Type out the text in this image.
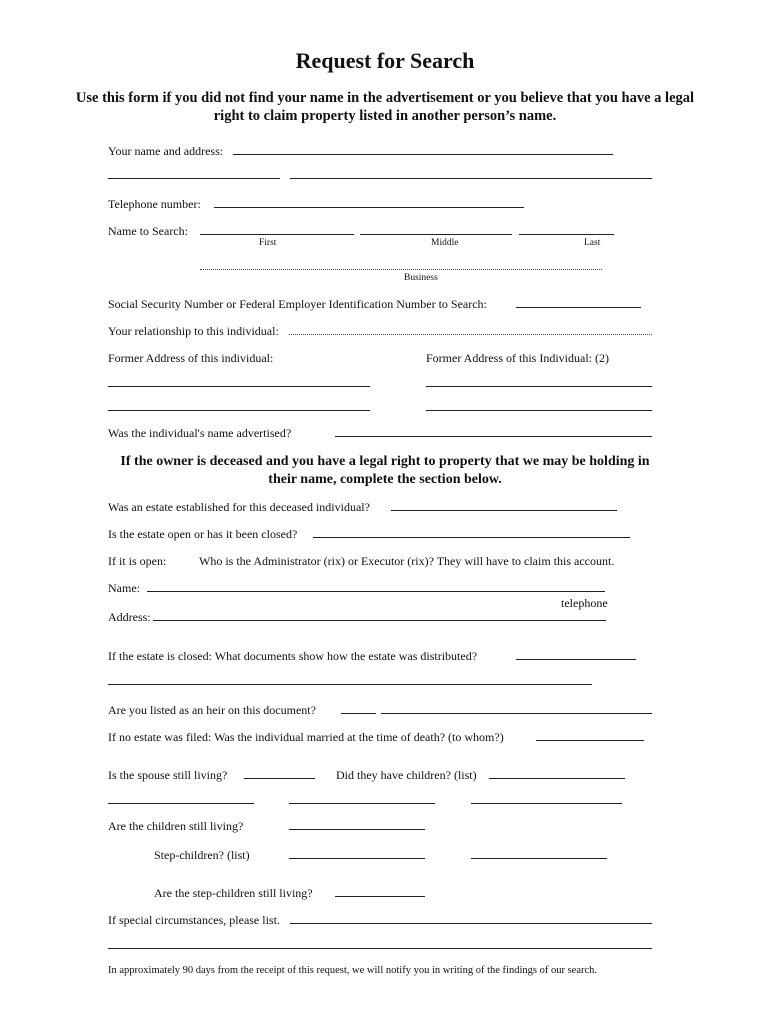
Request for Search
Use this form if you did not find your name in the advertisement or you believe that you have a legal right to claim property listed in another person’s name.
Your name and address:
Telephone number:
Name to Search:
First	Middle	Last
Business
Social Security Number or Federal Employer Identification Number to Search:
Your relationship to this individual:
Former Address of this individual:	Former Address of this Individual: (2)
Was the individual's name advertised?
If the owner is deceased and you have a legal right to property that we may be holding in their name, complete the section below.
Was an estate established for this deceased individual?
Is the estate open or has it been closed?
If it is open:	Who is the Administrator (rix) or Executor (rix)? They will have to claim this account.
Name:
telephone
Address:
If the estate is closed: What documents show how the estate was distributed?
Are you listed as an heir on this document?
If no estate was filed: Was the individual married at the time of death? (to whom?)
Is the spouse still living?	Did they have children? (list)
Are the children still living?
Step-children? (list)
Are the step-children still living?
If special circumstances, please list.
In approximately 90 days from the receipt of this request, we will notify you in writing of the findings of our search.
